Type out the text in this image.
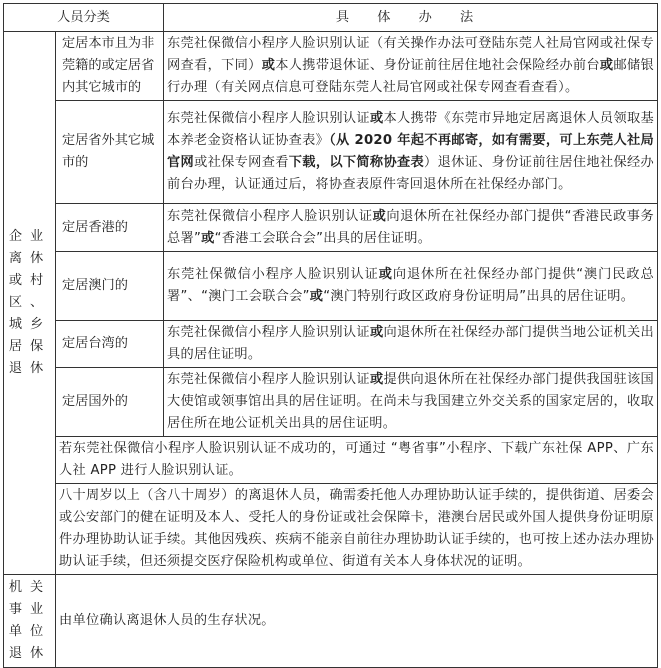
人员分类		具 体 办 法

企业离休或村区、城乡居保退休	定居本市且为非莞籍的或定居省内其它城市的	东莞社保微信小程序人脸识别认证（有关操作办法可登陆东莞人社局官网或社保专网查看，下同）或本人携带退休证、身份证前往居住地社会保险经办前台或邮储银行办理（有关网点信息可登陆东莞人社局官网或社保专网查看查看）。
	定居省外其它城市的	东莞社保微信小程序人脸识别认证或本人携带《东莞市异地定居离退休人员领取基本养老金资格认证协查表》（从 2020 年起不再邮寄，如有需要，可上东莞人社局官网或社保专网查看下载，以下简称协查表）退休证、身份证前往居住地社保经办前台办理，认证通过后，将协查表原件寄回退休所在社保经办部门。
	定居香港的	东莞社保微信小程序人脸识别认证或向退休所在社保经办部门提供“香港民政事务总署”或“香港工会联合会”出具的居住证明。
	定居澳门的	东莞社保微信小程序人脸识别认证或向退休所在社保经办部门提供“澳门民政总署”、“澳门工会联合会”或“澳门特别行政区政府身份证明局”出具的居住证明。
	定居台湾的	东莞社保微信小程序人脸识别认证或向退休所在社保经办部门提供当地公证机关出具的居住证明。
	定居国外的	东莞社保微信小程序人脸识别认证或提供向退休所在社保经办部门提供我国驻该国大使馆或领事馆出具的居住证明。在尚未与我国建立外交关系的国家定居的，收取居住所在地公证机关出具的居住证明。
	若东莞社保微信小程序人脸识别认证不成功的，可通过 “粤省事”小程序、下载广东社保 APP、广东人社 APP 进行人脸识别认证。	
	八十周岁以上（含八十周岁）的离退休人员，确需委托他人办理协助认证手续的，提供街道、居委会或公安部门的健在证明及本人、受托人的身份证或社会保障卡，港澳台居民或外国人提供身份证明原件办理协助认证手续。其他因残疾、疾病不能亲自前往办理协助认证手续的，也可按上述办法办理协助认证手续，但还须提交医疗保险机构或单位、街道有关本人身体状况的证明。	

机关事业单位退休	由单位确认离退休人员的生存状况。	
